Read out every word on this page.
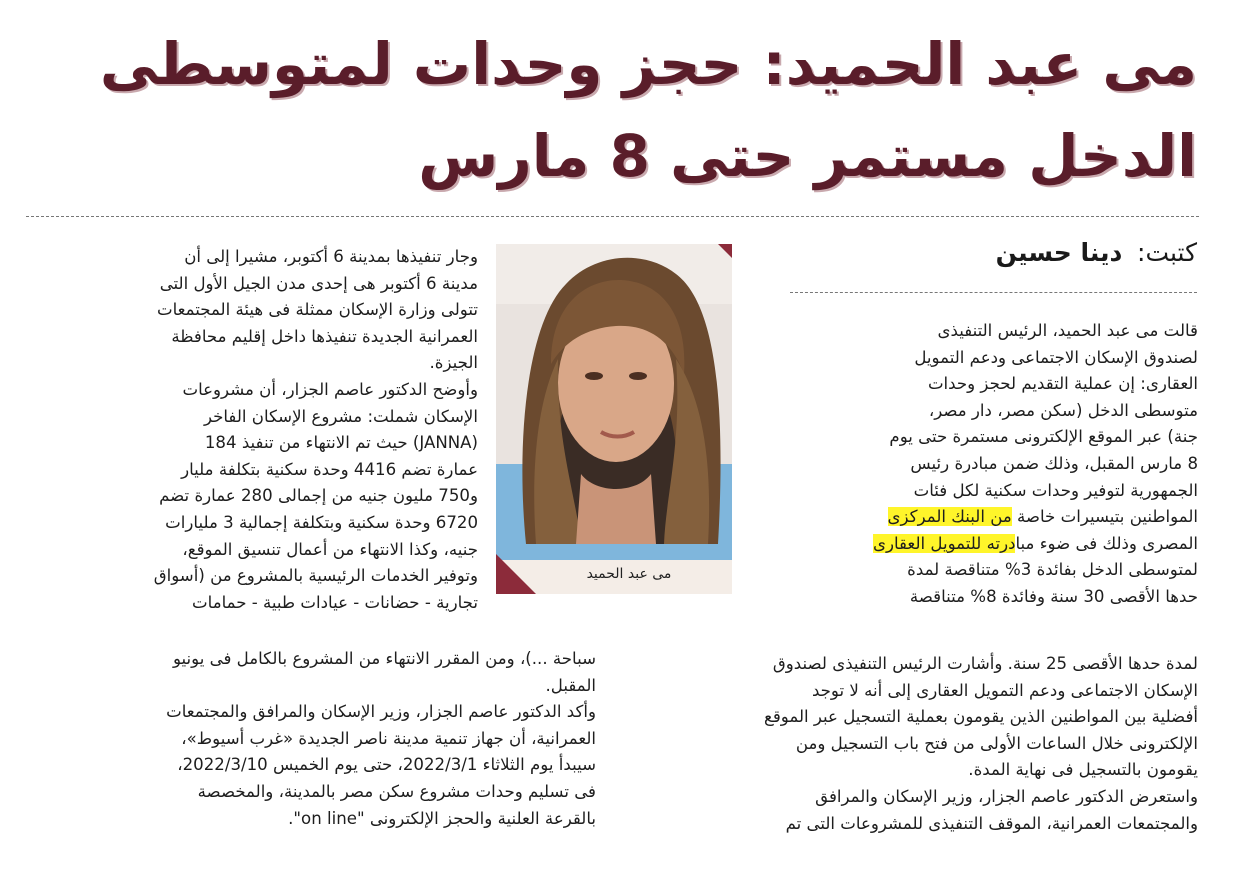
مى عبد الحميد: حجز وحدات لمتوسطى
الدخل مستمر حتى 8 مارس
كتبت: دينا حسين
مى عبد الحميد
قالت مى عبد الحميد، الرئيس التنفيذى
لصندوق الإسكان الاجتماعى ودعم التمويل
العقارى: إن عملية التقديم لحجز وحدات
متوسطى الدخل (سكن مصر، دار مصر،
جنة) عبر الموقع الإلكترونى مستمرة حتى يوم
8 مارس المقبل، وذلك ضمن مبادرة رئيس
الجمهورية لتوفير وحدات سكنية لكل فئات
المواطنين بتيسيرات خاصة من البنك المركزى
المصرى وذلك فى ضوء مبادرته للتمويل العقارى
لمتوسطى الدخل بفائدة 3% متناقصة لمدة
حدها الأقصى 30 سنة وفائدة 8% متناقصة
لمدة حدها الأقصى 25 سنة. وأشارت الرئيس التنفيذى لصندوق
الإسكان الاجتماعى ودعم التمويل العقارى إلى أنه لا توجد
أفضلية بين المواطنين الذين يقومون بعملية التسجيل عبر الموقع
الإلكترونى خلال الساعات الأولى من فتح باب التسجيل ومن
يقومون بالتسجيل فى نهاية المدة.
واستعرض الدكتور عاصم الجزار، وزير الإسكان والمرافق
والمجتمعات العمرانية، الموقف التنفيذى للمشروعات التى تم
وجار تنفيذها بمدينة 6 أكتوبر، مشيرا إلى أن
مدينة 6 أكتوبر هى إحدى مدن الجيل الأول التى
تتولى وزارة الإسكان ممثلة فى هيئة المجتمعات
العمرانية الجديدة تنفيذها داخل إقليم محافظة
الجيزة.
وأوضح الدكتور عاصم الجزار، أن مشروعات
الإسكان شملت: مشروع الإسكان الفاخر
(JANNA) حيث تم الانتهاء من تنفيذ 184
عمارة تضم 4416 وحدة سكنية بتكلفة مليار
و750 مليون جنيه من إجمالى 280 عمارة تضم
6720 وحدة سكنية وبتكلفة إجمالية 3 مليارات
جنيه، وكذا الانتهاء من أعمال تنسيق الموقع،
وتوفير الخدمات الرئيسية بالمشروع من (أسواق
تجارية - حضانات - عيادات طبية - حمامات
سباحة ...)، ومن المقرر الانتهاء من المشروع بالكامل فى يونيو
المقبل.
وأكد الدكتور عاصم الجزار، وزير الإسكان والمرافق والمجتمعات
العمرانية، أن جهاز تنمية مدينة ناصر الجديدة «غرب أسيوط»،
سيبدأ يوم الثلاثاء 2022/3/1، حتى يوم الخميس 2022/3/10،
فى تسليم وحدات مشروع سكن مصر بالمدينة، والمخصصة
بالقرعة العلنية والحجز الإلكترونى "on line".
